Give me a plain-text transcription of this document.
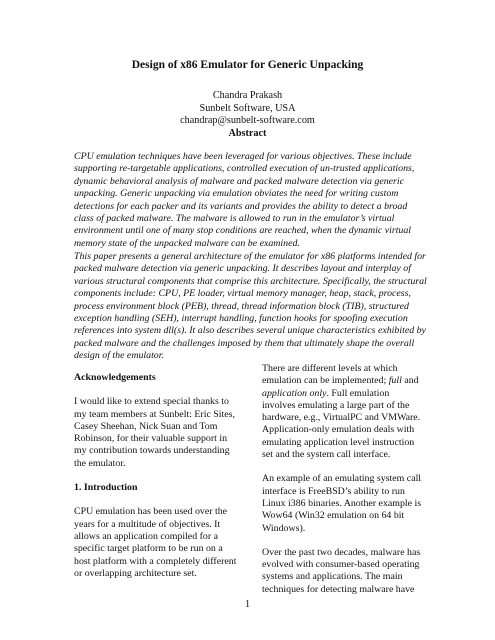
Design of x86 Emulator for Generic Unpacking
Chandra Prakash
Sunbelt Software, USA
chandrap@sunbelt-software.com
Abstract
CPU emulation techniques have been leveraged for various objectives. These include
supporting re-targetable applications, controlled execution of un-trusted applications,
dynamic behavioral analysis of malware and packed malware detection via generic
unpacking. Generic unpacking via emulation obviates the need for writing custom
detections for each packer and its variants and provides the ability to detect a broad
class of packed malware. The malware is allowed to run in the emulator’s virtual
environment until one of many stop conditions are reached, when the dynamic virtual
memory state of the unpacked malware can be examined.
This paper presents a general architecture of the emulator for x86 platforms intended for
packed malware detection via generic unpacking. It describes layout and interplay of
various structural components that comprise this architecture. Specifically, the structural
components include: CPU, PE loader, virtual memory manager, heap, stack, process,
process environment block (PEB), thread, thread information block (TIB), structured
exception handling (SEH), interrupt handling, function hooks for spoofing execution
references into system dll(s). It also describes several unique characteristics exhibited by
packed malware and the challenges imposed by them that ultimately shape the overall
design of the emulator.
Acknowledgements
I would like to extend special thanks to
my team members at Sunbelt: Eric Sites,
Casey Sheehan, Nick Suan and Tom
Robinson, for their valuable support in
my contribution towards understanding
the emulator.
1. Introduction
CPU emulation has been used over the
years for a multitude of objectives. It
allows an application compiled for a
specific target platform to be run on a
host platform with a completely different
or overlapping architecture set.
There are different levels at which
emulation can be implemented; full and
application only. Full emulation
involves emulating a large part of the
hardware, e.g., VirtualPC and VMWare.
Application-only emulation deals with
emulating application level instruction
set and the system call interface.
An example of an emulating system call
interface is FreeBSD’s ability to run
Linux i386 binaries. Another example is
Wow64 (Win32 emulation on 64 bit
Windows).
Over the past two decades, malware has
evolved with consumer-based operating
systems and applications. The main
techniques for detecting malware have
1
